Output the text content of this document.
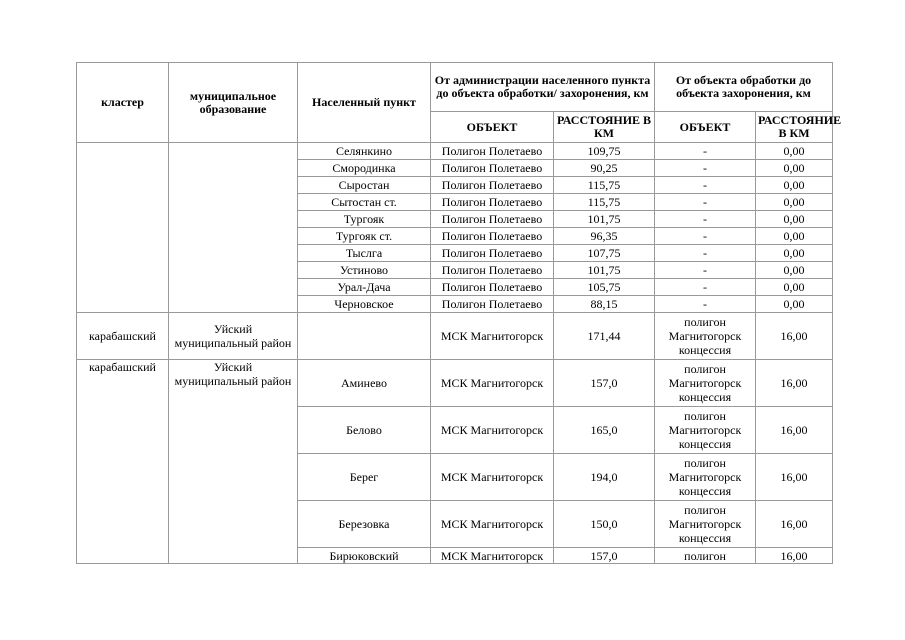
кластер	муниципальное образование	Населенный пункт	От администрации населенного пункта до объекта обработки/ захоронения, км		От объекта обработки до объекта захоронения, км	
			ОБЪЕКТ	РАССТОЯНИЕ В КМ	ОБЪЕКТ	РАССТОЯНИЕ В КМ
		Селянкино	Полигон Полетаево	109,75	-	0,00
		Смородинка	Полигон Полетаево	90,25	-	0,00
		Сыростан	Полигон Полетаево	115,75	-	0,00
		Сытостан ст.	Полигон Полетаево	115,75	-	0,00
		Тургояк	Полигон Полетаево	101,75	-	0,00
		Тургояк ст.	Полигон Полетаево	96,35	-	0,00
		Тыслга	Полигон Полетаево	107,75	-	0,00
		Устиново	Полигон Полетаево	101,75	-	0,00
		Урал-Дача	Полигон Полетаево	105,75	-	0,00
		Черновское	Полигон Полетаево	88,15	-	0,00
карабашский	Уйский муниципальный район		МСК Магнитогорск	171,44	полигон Магнитогорск концессия	16,00
карабашский	Уйский муниципальный район	Аминево	МСК Магнитогорск	157,0	полигон Магнитогорск концессия	16,00
		Белово	МСК Магнитогорск	165,0	полигон Магнитогорск концессия	16,00
		Берег	МСК Магнитогорск	194,0	полигон Магнитогорск концессия	16,00
		Березовка	МСК Магнитогорск	150,0	полигон Магнитогорск концессия	16,00
		Бирюковский	МСК Магнитогорск	157,0	полигон	16,00
